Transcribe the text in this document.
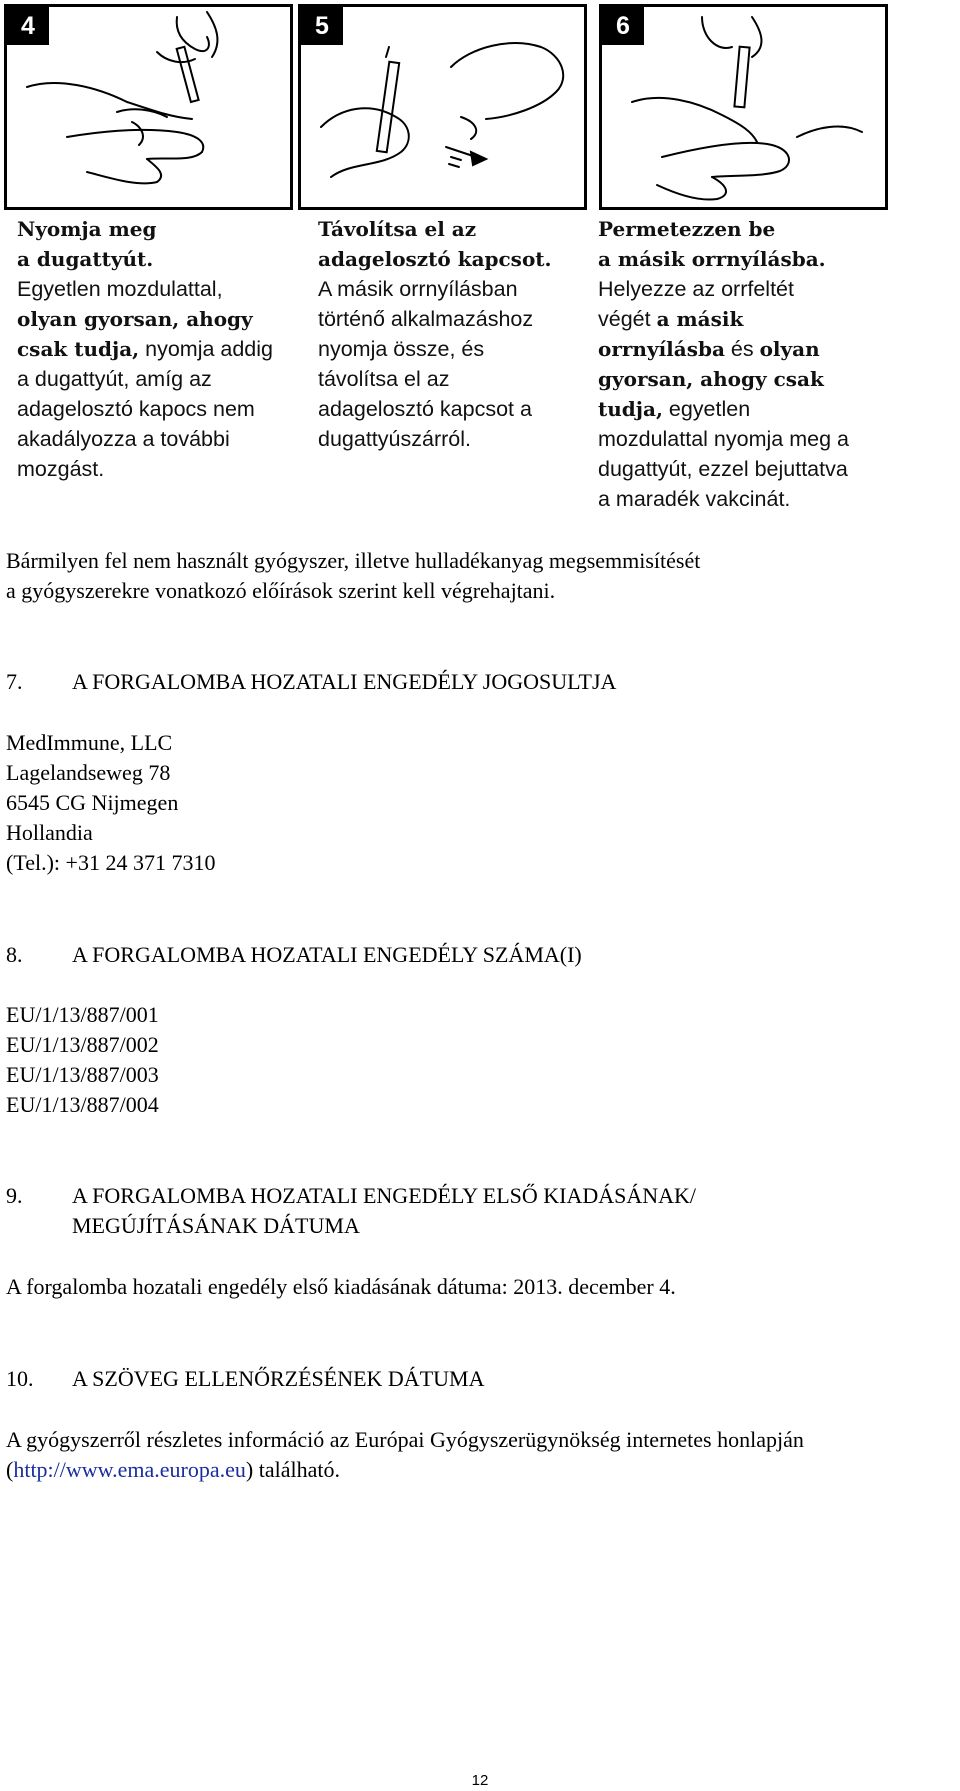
4	5	6
Nyomja meg
a dugattyút.
Egyetlen mozdulattal,
olyan gyorsan, ahogy
csak tudja, nyomja addig
a dugattyút, amíg az
adagelosztó kapocs nem
akadályozza a további
mozgást.
Távolítsa el az
adagelosztó kapcsot.
A másik orrnyílásban
történő alkalmazáshoz
nyomja össze, és
távolítsa el az
adagelosztó kapcsot a
dugattyúszárról.
Permetezzen be
a másik orrnyílásba.
Helyezze az orrfeltét
végét a másik
orrnyílásba és olyan
gyorsan, ahogy csak
tudja, egyetlen
mozdulattal nyomja meg a
dugattyút, ezzel bejuttatva
a maradék vakcinát.
Bármilyen fel nem használt gyógyszer, illetve hulladékanyag megsemmisítését
a gyógyszerekre vonatkozó előírások szerint kell végrehajtani.
7. A FORGALOMBA HOZATALI ENGEDÉLY JOGOSULTJA
MedImmune, LLC
Lagelandseweg 78
6545 CG Nijmegen
Hollandia
(Tel.): +31 24 371 7310
8. A FORGALOMBA HOZATALI ENGEDÉLY SZÁMA(I)
EU/1/13/887/001
EU/1/13/887/002
EU/1/13/887/003
EU/1/13/887/004
9. A FORGALOMBA HOZATALI ENGEDÉLY ELSŐ KIADÁSÁNAK/
MEGÚJÍTÁSÁNAK DÁTUMA
A forgalomba hozatali engedély első kiadásának dátuma: 2013. december 4.
10. A SZÖVEG ELLENŐRZÉSÉNEK DÁTUMA
A gyógyszerről részletes információ az Európai Gyógyszerügynökség internetes honlapján
(http://www.ema.europa.eu) található.
12
